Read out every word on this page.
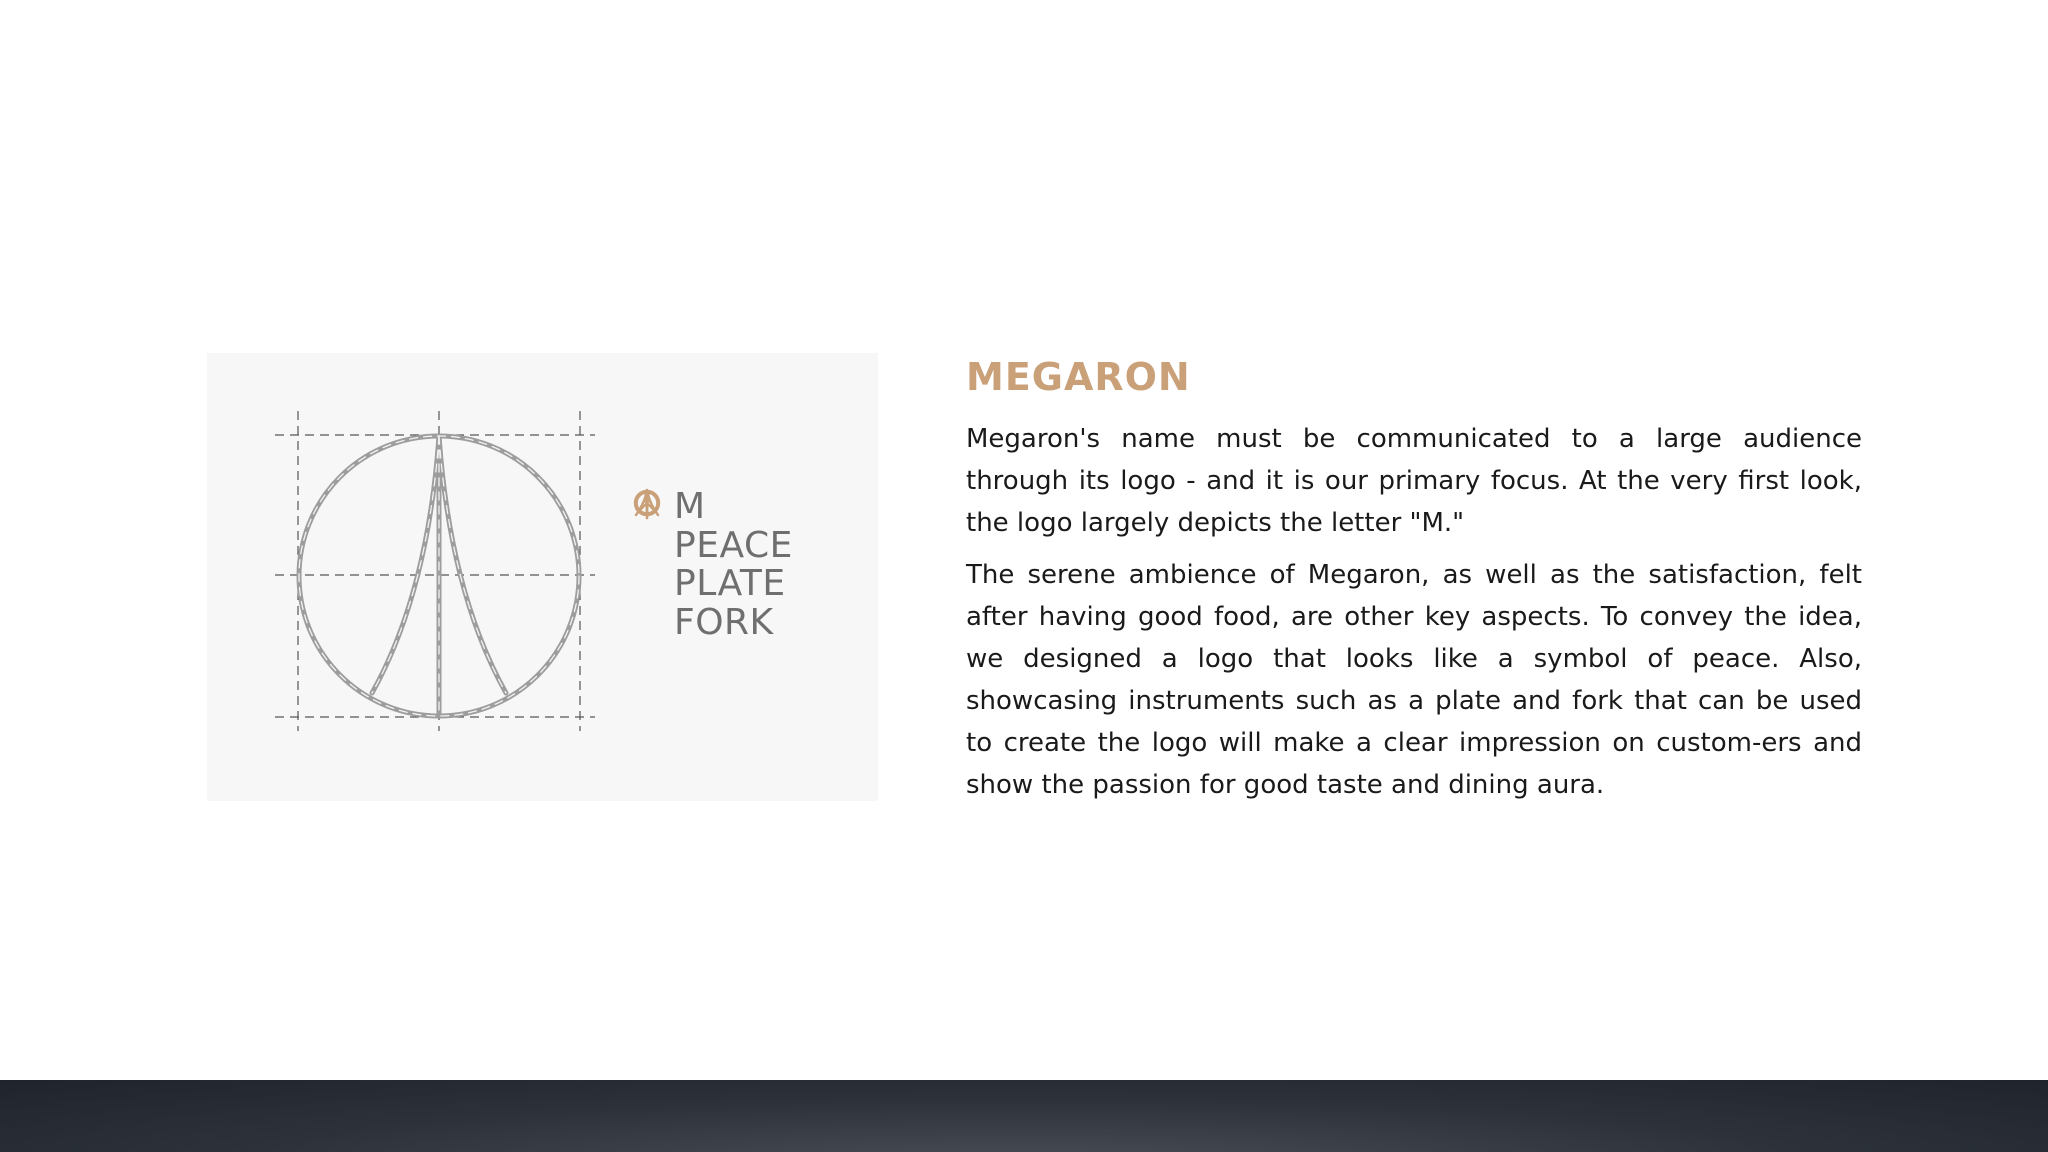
M
PEACE
PLATE
FORK
MEGARON

Megaron's name must be communicated to a large audience through its logo - and it is our primary focus. At the very first look, the logo largely depicts the letter "M."

The serene ambience of Megaron, as well as the satisfaction, felt after having good food, are other key aspects. To convey the idea, we designed a logo that looks like a symbol of peace. Also, showcasing instruments such as a plate and fork that can be used to create the logo will make a clear impression on custom-ers and show the passion for good taste and dining aura.
